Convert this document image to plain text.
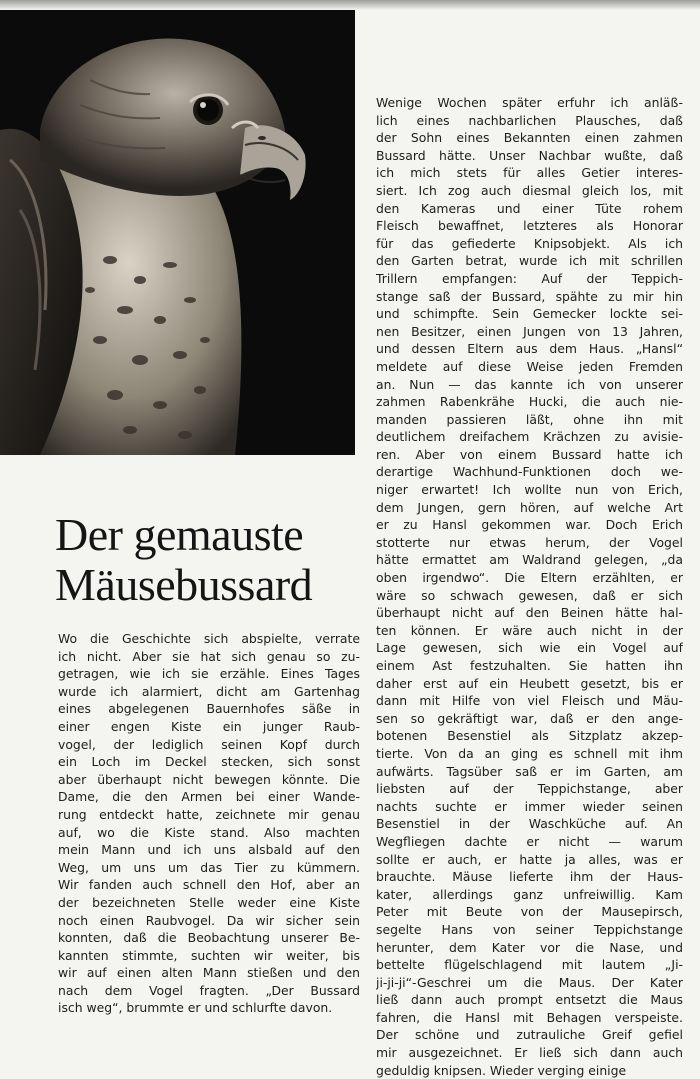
Der gemauste
Mäusebussard
Wo die Geschichte sich abspielte, verrate
ich nicht. Aber sie hat sich genau so zu-
getragen, wie ich sie erzähle. Eines Tages
wurde ich alarmiert, dicht am Gartenhag
eines abgelegenen Bauernhofes säße in
einer engen Kiste ein junger Raub-
vogel, der lediglich seinen Kopf durch
ein Loch im Deckel stecken, sich sonst
aber überhaupt nicht bewegen könnte. Die
Dame, die den Armen bei einer Wande-
rung entdeckt hatte, zeichnete mir genau
auf, wo die Kiste stand. Also machten
mein Mann und ich uns alsbald auf den
Weg, um uns um das Tier zu kümmern.
Wir fanden auch schnell den Hof, aber an
der bezeichneten Stelle weder eine Kiste
noch einen Raubvogel. Da wir sicher sein
konnten, daß die Beobachtung unserer Be-
kannten stimmte, suchten wir weiter, bis
wir auf einen alten Mann stießen und den
nach dem Vogel fragten. „Der Bussard
isch weg“, brummte er und schlurfte davon.
Wenige Wochen später erfuhr ich anläß-
lich eines nachbarlichen Plausches, daß
der Sohn eines Bekannten einen zahmen
Bussard hätte. Unser Nachbar wußte, daß
ich mich stets für alles Getier interes-
siert. Ich zog auch diesmal gleich los, mit
den Kameras und einer Tüte rohem
Fleisch bewaffnet, letzteres als Honorar
für das gefiederte Knipsobjekt. Als ich
den Garten betrat, wurde ich mit schrillen
Trillern empfangen: Auf der Teppich-
stange saß der Bussard, spähte zu mir hin
und schimpfte. Sein Gemecker lockte sei-
nen Besitzer, einen Jungen von 13 Jahren,
und dessen Eltern aus dem Haus. „Hansl“
meldete auf diese Weise jeden Fremden
an. Nun — das kannte ich von unserer
zahmen Rabenkrähe Hucki, die auch nie-
manden passieren läßt, ohne ihn mit
deutlichem dreifachem Krächzen zu avisie-
ren. Aber von einem Bussard hatte ich
derartige Wachhund-Funktionen doch we-
niger erwartet! Ich wollte nun von Erich,
dem Jungen, gern hören, auf welche Art
er zu Hansl gekommen war. Doch Erich
stotterte nur etwas herum, der Vogel
hätte ermattet am Waldrand gelegen, „da
oben irgendwo“. Die Eltern erzählten, er
wäre so schwach gewesen, daß er sich
überhaupt nicht auf den Beinen hätte hal-
ten können. Er wäre auch nicht in der
Lage gewesen, sich wie ein Vogel auf
einem Ast festzuhalten. Sie hatten ihn
daher erst auf ein Heubett gesetzt, bis er
dann mit Hilfe von viel Fleisch und Mäu-
sen so gekräftigt war, daß er den ange-
botenen Besenstiel als Sitzplatz akzep-
tierte. Von da an ging es schnell mit ihm
aufwärts. Tagsüber saß er im Garten, am
liebsten auf der Teppichstange, aber
nachts suchte er immer wieder seinen
Besenstiel in der Waschküche auf. An
Wegfliegen dachte er nicht — warum
sollte er auch, er hatte ja alles, was er
brauchte. Mäuse lieferte ihm der Haus-
kater, allerdings ganz unfreiwillig. Kam
Peter mit Beute von der Mausepirsch,
segelte Hans von seiner Teppichstange
herunter, dem Kater vor die Nase, und
bettelte flügelschlagend mit lautem „Ji-
ji-ji-ji“-Geschrei um die Maus. Der Kater
ließ dann auch prompt entsetzt die Maus
fahren, die Hansl mit Behagen verspeiste.
Der schöne und zutrauliche Greif gefiel
mir ausgezeichnet. Er ließ sich dann auch
geduldig knipsen. Wieder verging einige
